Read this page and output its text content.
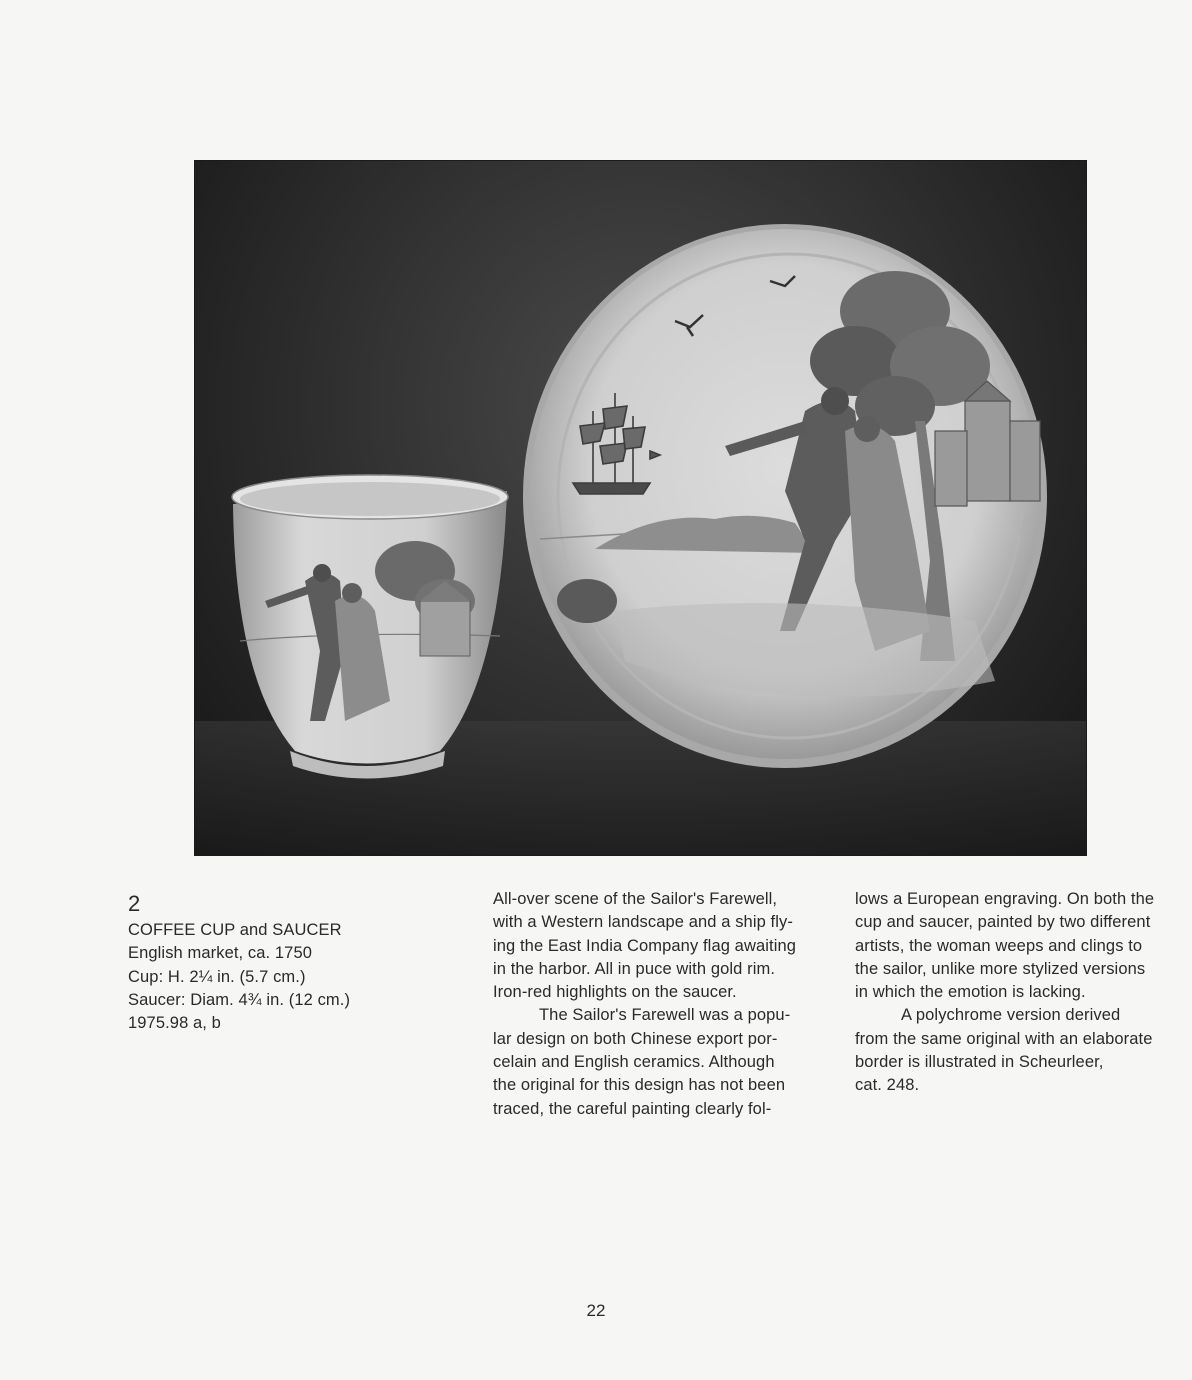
2
COFFEE CUP and SAUCER
English market, ca. 1750
Cup: H. 2¼ in. (5.7 cm.)
Saucer: Diam. 4¾ in. (12 cm.)
1975.98 a, b
All-over scene of the Sailor's Farewell,
with a Western landscape and a ship fly-
ing the East India Company flag awaiting
in the harbor. All in puce with gold rim.
Iron-red highlights on the saucer.
The Sailor's Farewell was a popu-
lar design on both Chinese export por-
celain and English ceramics. Although
the original for this design has not been
traced, the careful painting clearly fol-
lows a European engraving. On both the
cup and saucer, painted by two different
artists, the woman weeps and clings to
the sailor, unlike more stylized versions
in which the emotion is lacking.
A polychrome version derived
from the same original with an elaborate
border is illustrated in Scheurleer,
cat. 248.
22
